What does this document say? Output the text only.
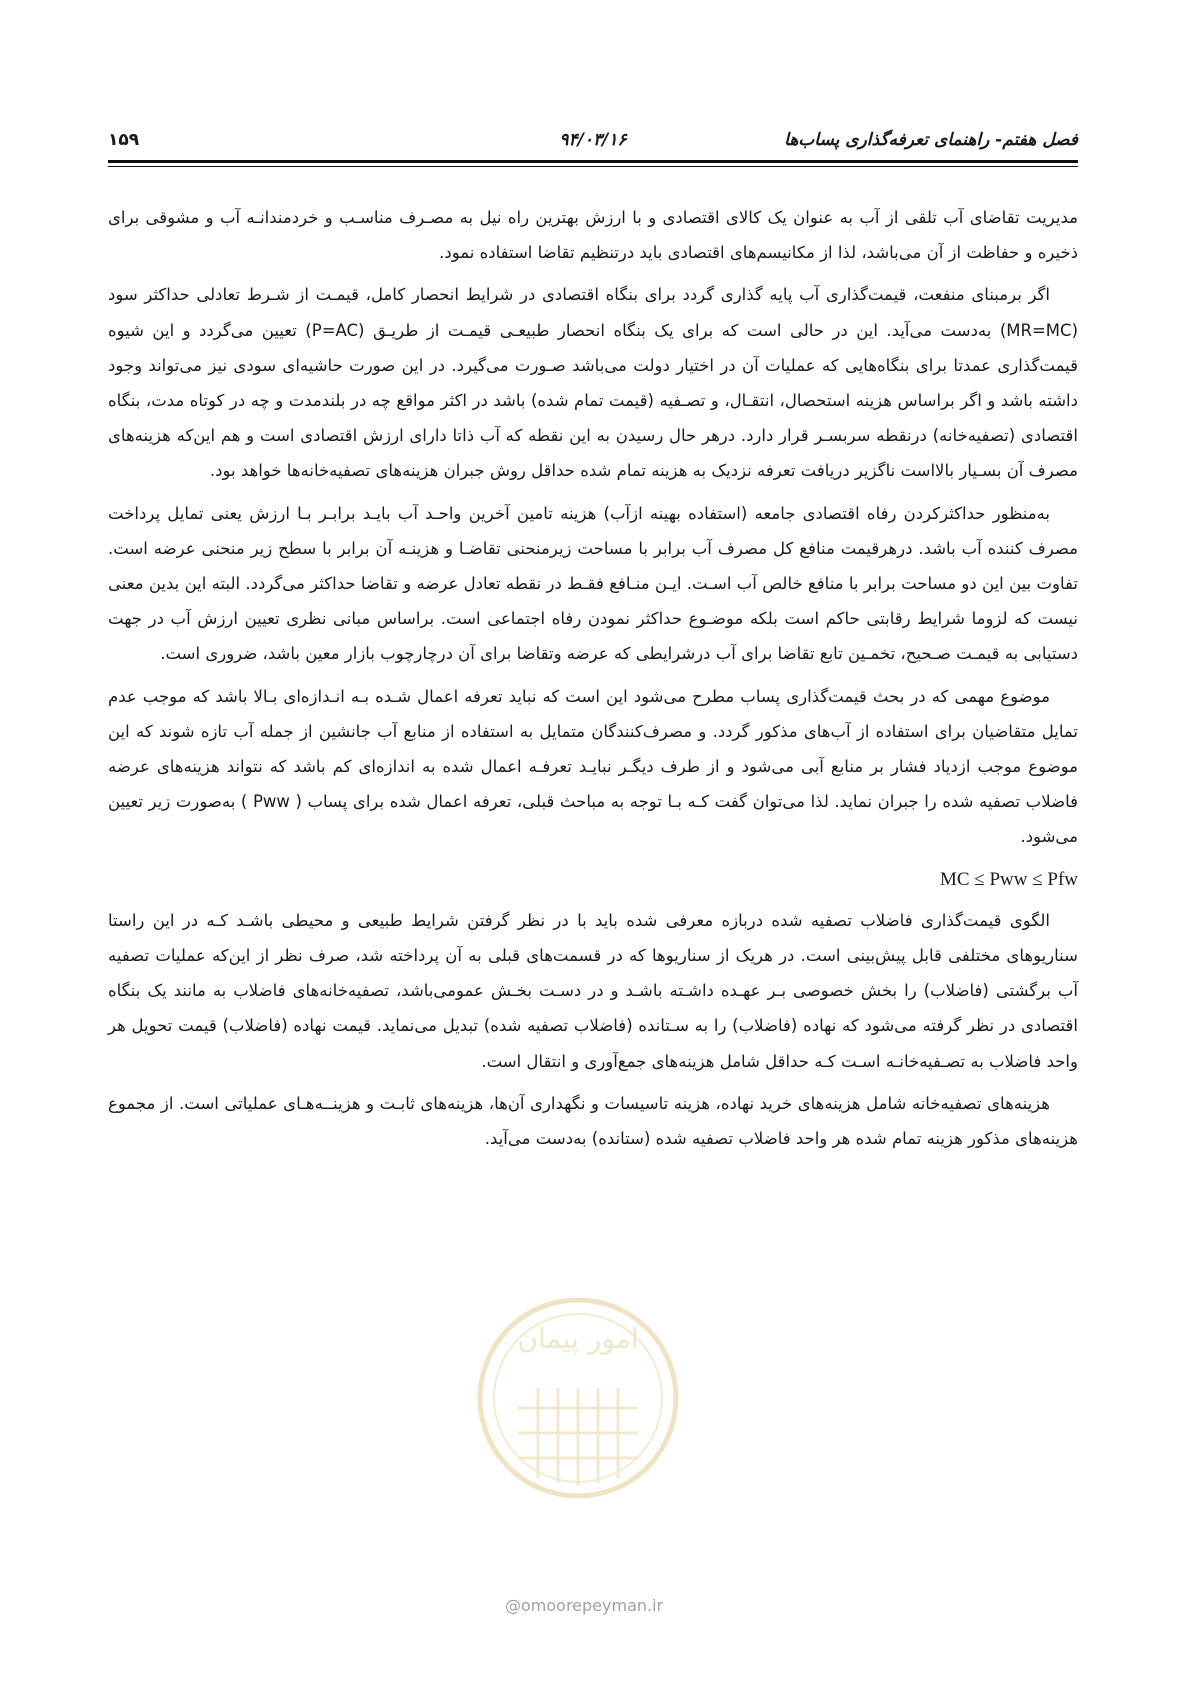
فصل هفتم- راهنمای تعرفه‌گذاری پساب‌ها
۹۴/۰۳/۱۶
۱۵۹

مدیریت تقاضای آب تلقی از آب به عنوان یک کالای اقتصادی و با ارزش بهترین راه نیل به مصـرف مناسـب و خردمندانـه آب و مشوقی برای ذخیره و حفاظت از آن می‌باشد، لذا از مکانیسم‌های اقتصادی باید درتنظیم تقاضا استفاده نمود.

اگر برمبنای منفعت، قیمت‌گذاری آب پایه گذاری گردد برای بنگاه اقتصادی در شرایط انحصار کامل، قیمـت از شـرط تعادلی حداکثر سود (MR=MC) به‌دست می‌آید. این در حالی است که برای یک بنگاه انحصار طبیعـی قیمـت از طریـق (P=AC) تعیین می‌گردد و این شیوه قیمت‌گذاری عمدتا برای بنگاه‌هایی که عملیات آن در اختیار دولت می‌باشد صـورت می‌گیرد. در این صورت حاشیه‌ای سودی نیز می‌تواند وجود داشته باشد و اگر براساس هزینه استحصال، انتقـال، و تصـفیه (قیمت تمام شده) باشد در اکثر مواقع چه در بلندمدت و چه در کوتاه مدت، بنگاه اقتصادی (تصفیه‌خانه) درنقطه سربسـر قرار دارد. درهر حال رسیدن به این نقطه که آب ذاتا دارای ارزش اقتصادی است و هم این‌که هزینه‌های مصرف آن بسـیار بالااست ناگزیر دریافت تعرفه نزدیک به هزینه تمام شده حداقل روش جبران هزینه‌های تصفیه‌خانه‌ها خواهد بود.

به‌منظور حداکثرکردن رفاه اقتصادی جامعه (استفاده بهینه ازآب) هزینه تامین آخرین واحـد آب بایـد برابـر بـا ارزش یعنی تمایل پرداخت مصرف کننده آب باشد. درهرقیمت منافع کل مصرف آب برابر با مساحت زیرمنحنی تقاضـا و هزینـه آن برابر با سطح زیر منحنی عرضه است. تفاوت بین این دو مساحت برابر با منافع خالص آب اسـت. ایـن منـافع فقـط در نقطه تعادل عرضه و تقاضا حداکثر می‌گردد. البته این بدین معنی نیست که لزوما شرایط رقابتی حاکم است بلکه موضـوع حداکثر نمودن رفاه اجتماعی است. براساس مبانی نظری تعیین ارزش آب در جهت دستیابی به قیمـت صـحیح، تخمـین تابع تقاضا برای آب درشرایطی که عرضه وتقاضا برای آن درچارچوب بازار معین باشد، ضروری است.

موضوع مهمی که در بحث قیمت‌گذاری پساب مطرح می‌شود این است که نباید تعرفه اعمال شـده بـه انـدازه‌ای بـالا باشد که موجب عدم تمایل متقاضیان برای استفاده از آب‌های مذکور گردد. و مصرف‌کنندگان متمایل به استفاده از منابع آب جانشین از جمله آب تازه شوند که این موضوع موجب ازدیاد فشار بر منابع آبی می‌شود و از طرف دیگـر نبایـد تعرفـه اعمال شده به اندازه‌ای کم باشد که نتواند هزینه‌های عرضه فاضلاب تصفیه شده را جبران نماید. لذا می‌توان گفت کـه بـا توجه به مباحث قبلی، تعرفه اعمال شده برای پساب ( Pww ) به‌صورت زیر تعیین می‌شود.

MC ≤ Pww ≤ Pfw

الگوی قیمت‌گذاری فاضلاب تصفیه شده دربازه معرفی شده باید با در نظر گرفتن شرایط طبیعی و محیطی باشـد کـه در این راستا سناریوهای مختلفی قابل پیش‌بینی است. در هریک از سناریوها که در قسمت‌های قبلی به آن پرداخته شد، صرف نظر از این‌که عملیات تصفیه آب برگشتی (فاضلاب) را بخش خصوصی بـر عهـده داشـته باشـد و در دسـت بخـش عمومی‌باشد، تصفیه‌خانه‌های فاضلاب به مانند یک بنگاه اقتصادی در نظر گرفته می‌شود که نهاده (فاضلاب) را به سـتانده (فاضلاب تصفیه شده) تبدیل می‌نماید. قیمت نهاده (فاضلاب) قیمت تحویل هر واحد فاضلاب به تصـفیه‌خانـه اسـت کـه حداقل شامل هزینه‌های جمع‌آوری و انتقال است.

هزینه‌های تصفیه‌خانه شامل هزینه‌های خرید نهاده، هزینه تاسیسات و نگهداری آن‌ها، هزینه‌های ثابـت و هزینــه‌هـای عملیاتی است. از مجموع هزینه‌های مذکور هزینه تمام شده هر واحد فاضلاب تصفیه شده (ستانده) به‌دست می‌آید.

امور پیمان
@omoorepeyman.ir
